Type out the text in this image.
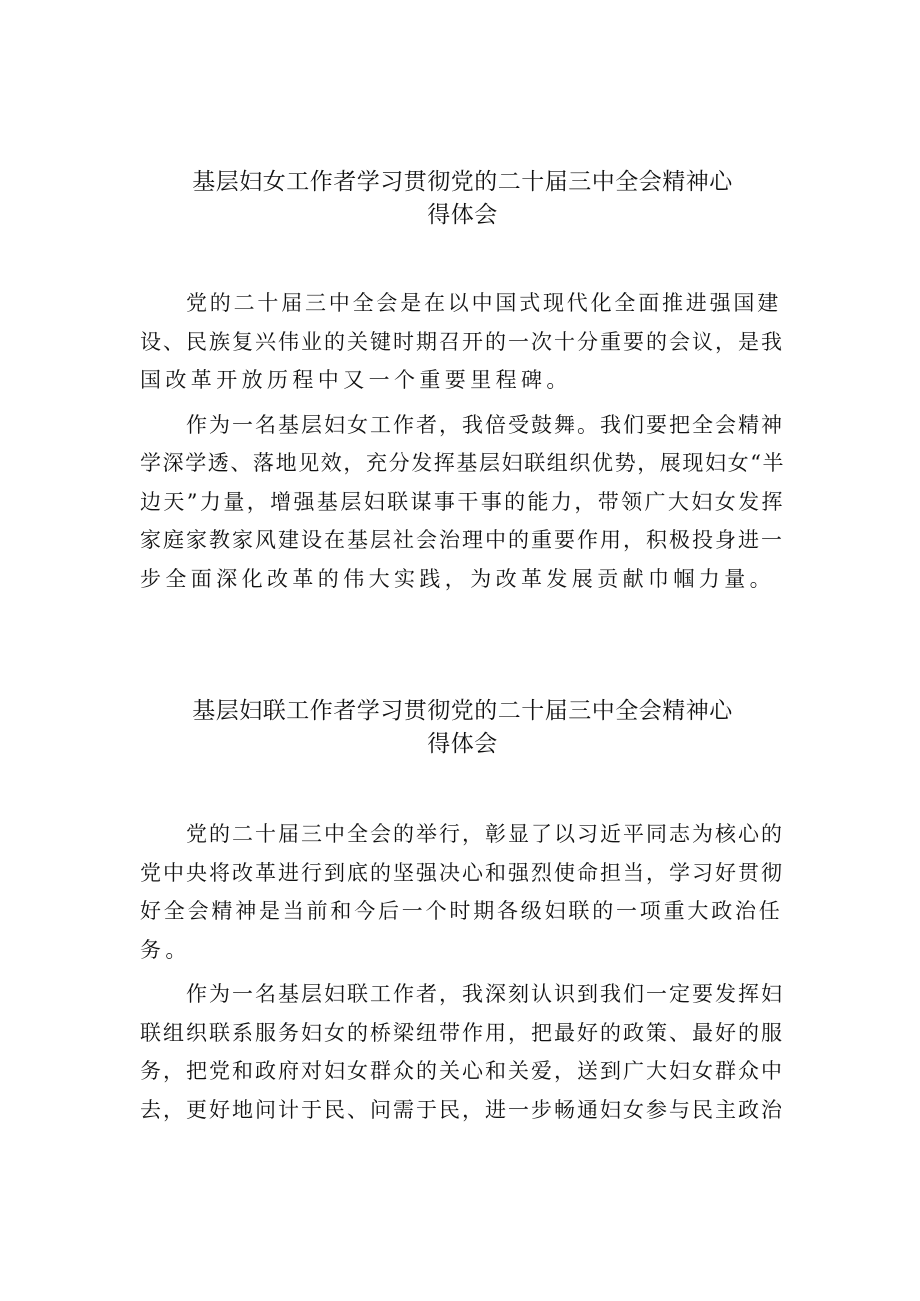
基层妇女工作者学习贯彻党的二十届三中全会精神心
得体会

党的二十届三中全会是在以中国式现代化全面推进强国建
设、民族复兴伟业的关键时期召开的一次十分重要的会议，是我
国改革开放历程中又一个重要里程碑。

作为一名基层妇女工作者，我倍受鼓舞。我们要把全会精神
学深学透、落地见效，充分发挥基层妇联组织优势，展现妇女“半
边天”力量，增强基层妇联谋事干事的能力，带领广大妇女发挥
家庭家教家风建设在基层社会治理中的重要作用，积极投身进一
步全面深化改革的伟大实践，为改革发展贡献巾帼力量。

基层妇联工作者学习贯彻党的二十届三中全会精神心
得体会

党的二十届三中全会的举行，彰显了以习近平同志为核心的
党中央将改革进行到底的坚强决心和强烈使命担当，学习好贯彻
好全会精神是当前和今后一个时期各级妇联的一项重大政治任
务。

作为一名基层妇联工作者，我深刻认识到我们一定要发挥妇
联组织联系服务妇女的桥梁纽带作用，把最好的政策、最好的服
务，把党和政府对妇女群众的关心和关爱，送到广大妇女群众中
去，更好地问计于民、问需于民，进一步畅通妇女参与民主政治
